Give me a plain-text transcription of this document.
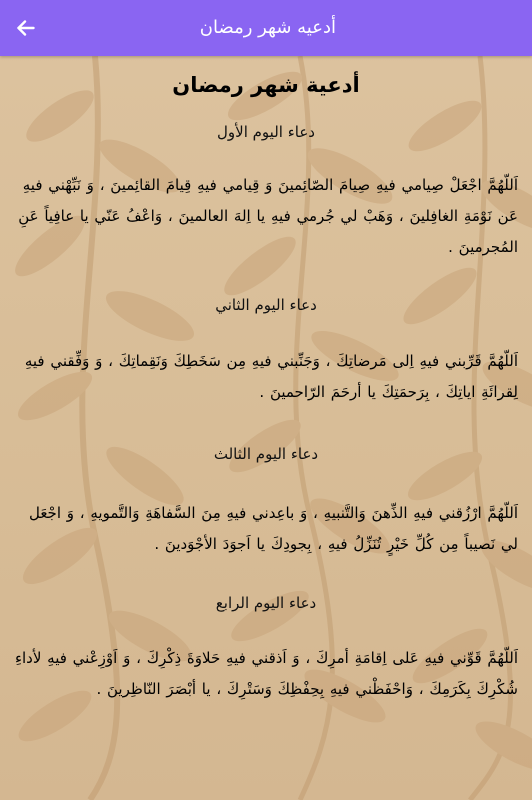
أدعيه شهر رمضان
أدعية شهر رمضان
دعاء اليوم الأول
اَللّهُمَّ اجْعَلْ صِيامي فيهِ صِيامَ الصّائِمينَ وَ قِيامي فيهِ قِيامَ القائِمينَ ، وَ نَبِّهْني فيهِ عَن نَوْمَةِ الغافِلينَ ، وَهَبْ لي جُرمي فيهِ يا اِلهَ العالمينَ ، وَاعْفُ عَنّي يا عافِياً عَنِ المُجرمينَ .
دعاء اليوم الثاني
اَللّهُمَّ قَرِّبني فيهِ اِلى مَرضاتِكَ ، وَجَنِّبني فيهِ مِن سَخَطِكَ وَنَقِماتِكَ ، وَ وَفِّقني فيهِ لِقرائَةِ اياتِكَ ، بِرَحمَتِكَ يا أرحَمَ الرّاحمينَ .
دعاء اليوم الثالث
اَللّهُمَّ ارْزُقني فيهِ الذِّهنَ وَالتَّنبيهِ ، وَ باعِدني فيهِ مِنَ السَّفاهَةِ وَالتَّمويهِ ، وَ اجْعَل لي نَصيباً مِن كُلِّ خَيْرٍ تُنَزِّلُ فيهِ ، بِجودِكَ يا اَجوَدَ الأجْوَدينَ .
دعاء اليوم الرابع
اَللّهُمَّ قَوِّني فيهِ عَلى اِقامَةِ أمرِكَ ، وَ اَذقني فيهِ حَلاوَةَ ذِكْرِكَ ، وَ اَوْزِعْني فيهِ لأداءِ شُكْرِكَ بِكَرَمِكَ ، وَاحْفَظْني فيهِ بِحِفْظِكَ وَسَتْرِكَ ، يا أبْصَرَ النّاظِرينَ .
